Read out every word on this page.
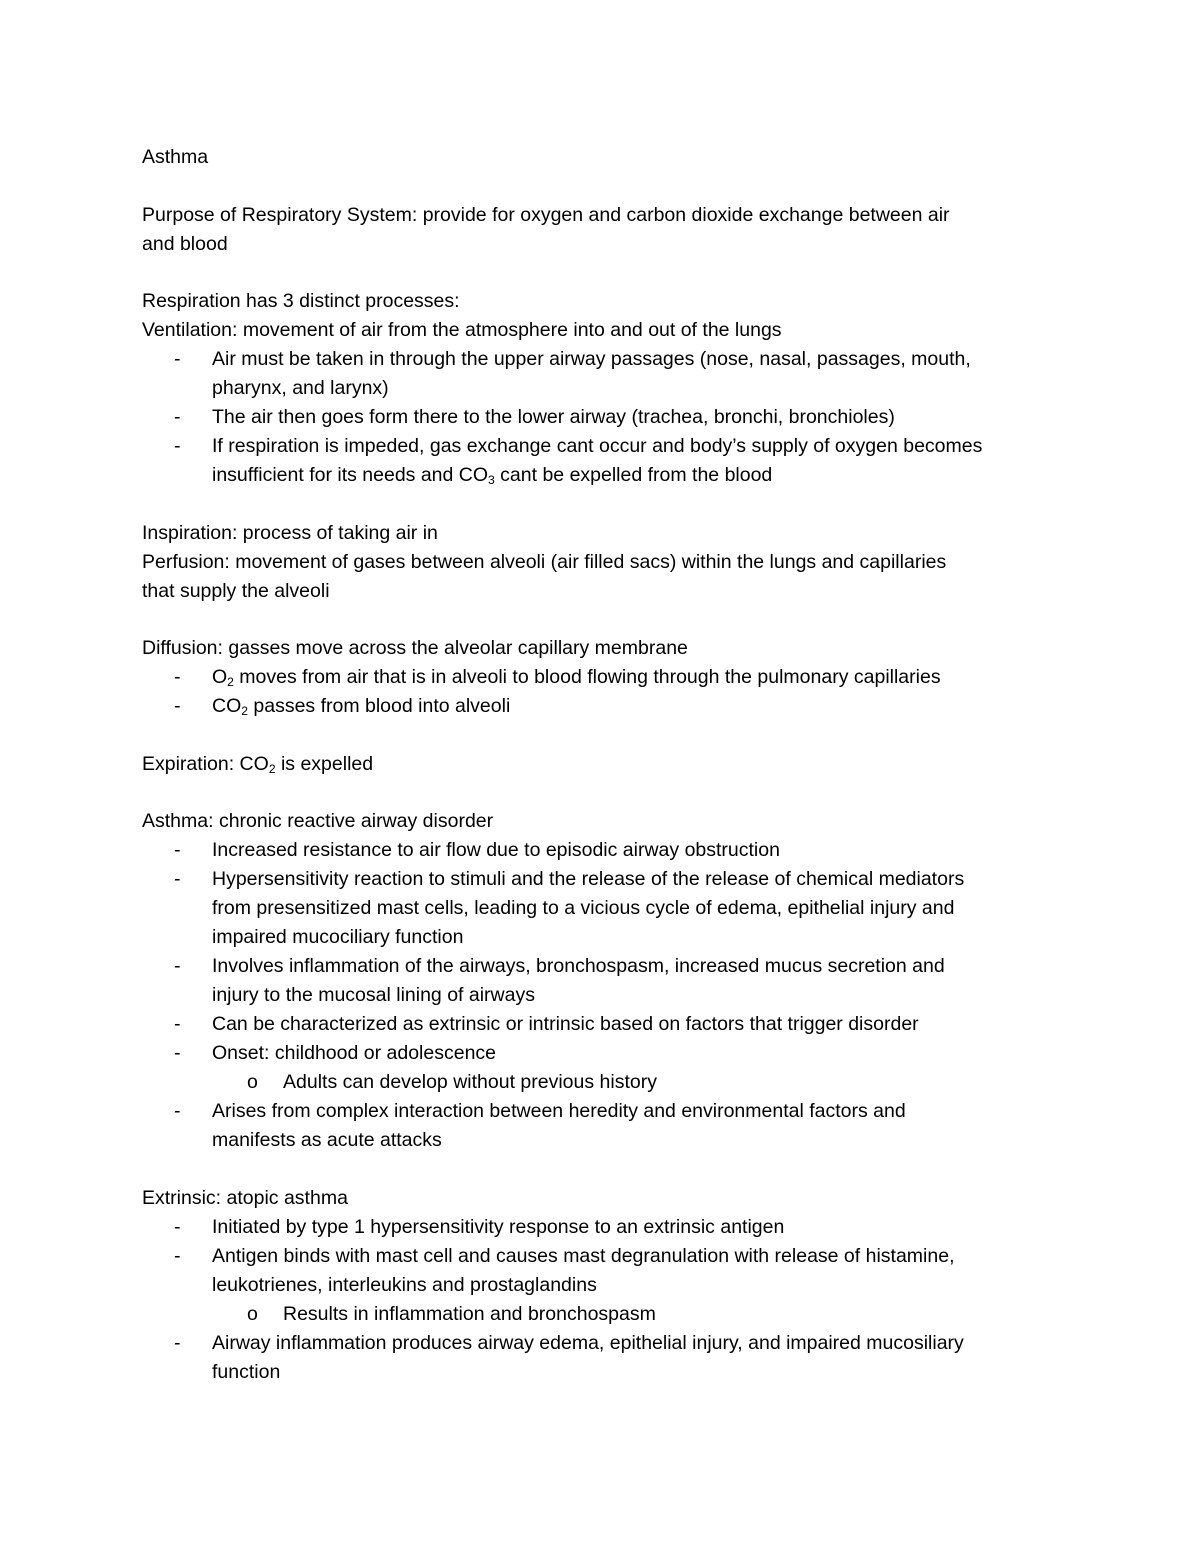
Asthma
Purpose of Respiratory System: provide for oxygen and carbon dioxide exchange between air
and blood
Respiration has 3 distinct processes:
Ventilation: movement of air from the atmosphere into and out of the lungs
- Air must be taken in through the upper airway passages (nose, nasal, passages, mouth,
pharynx, and larynx)
- The air then goes form there to the lower airway (trachea, bronchi, bronchioles)
- If respiration is impeded, gas exchange cant occur and body’s supply of oxygen becomes
insufficient for its needs and $CO_3$ cant be expelled from the blood
Inspiration: process of taking air in
Perfusion: movement of gases between alveoli (air filled sacs) within the lungs and capillaries
that supply the alveoli
Diffusion: gasses move across the alveolar capillary membrane
- $O_2$ moves from air that is in alveoli to blood flowing through the pulmonary capillaries
- $CO_2$ passes from blood into alveoli
Expiration: $CO_2$ is expelled
Asthma: chronic reactive airway disorder
- Increased resistance to air flow due to episodic airway obstruction
- Hypersensitivity reaction to stimuli and the release of the release of chemical mediators
from presensitized mast cells, leading to a vicious cycle of edema, epithelial injury and
impaired mucociliary function
- Involves inflammation of the airways, bronchospasm, increased mucus secretion and
injury to the mucosal lining of airways
- Can be characterized as extrinsic or intrinsic based on factors that trigger disorder
- Onset: childhood or adolescence
o Adults can develop without previous history
- Arises from complex interaction between heredity and environmental factors and
manifests as acute attacks
Extrinsic: atopic asthma
- Initiated by type 1 hypersensitivity response to an extrinsic antigen
- Antigen binds with mast cell and causes mast degranulation with release of histamine,
leukotrienes, interleukins and prostaglandins
o Results in inflammation and bronchospasm
- Airway inflammation produces airway edema, epithelial injury, and impaired mucosiliary
function
